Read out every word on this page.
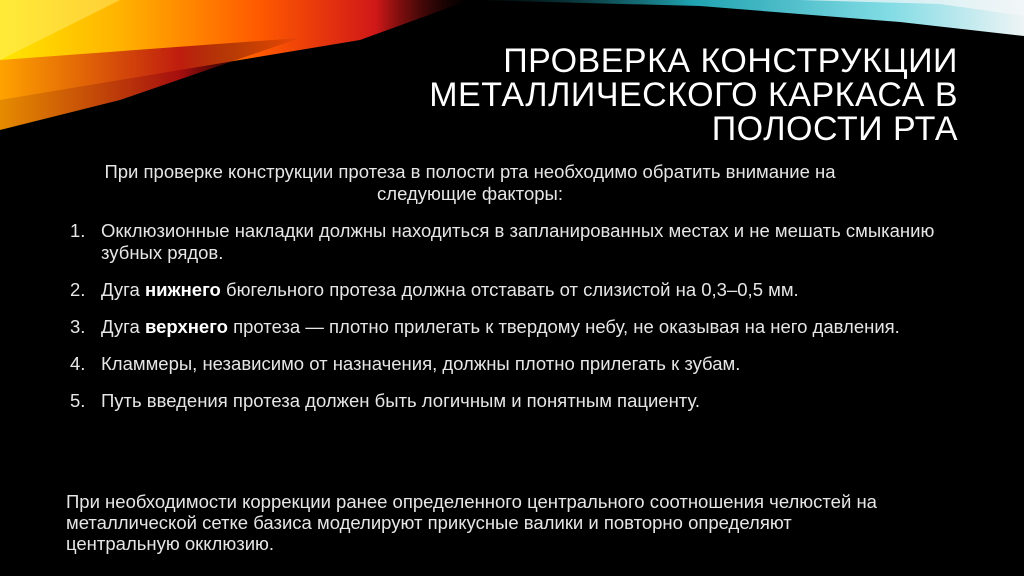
ПРОВЕРКА КОНСТРУКЦИИ
МЕТАЛЛИЧЕСКОГО КАРКАСА В
ПОЛОСТИ РТА
При проверке конструкции протеза в полости рта необходимо обратить внимание на следующие факторы:
1. Окклюзионные накладки должны находиться в запланированных местах и не мешать смыканию зубных рядов.
2. Дуга нижнего бюгельного протеза должна отставать от слизистой на 0,3–0,5 мм.
3. Дуга верхнего протеза — плотно прилегать к твердому небу, не оказывая на него давления.
4. Кламмеры, независимо от назначения, должны плотно прилегать к зубам.
5. Путь введения протеза должен быть логичным и понятным пациенту.
При необходимости коррекции ранее определенного центрального соотношения челюстей на металлической сетке базиса моделируют прикусные валики и повторно определяют центральную окклюзию.
